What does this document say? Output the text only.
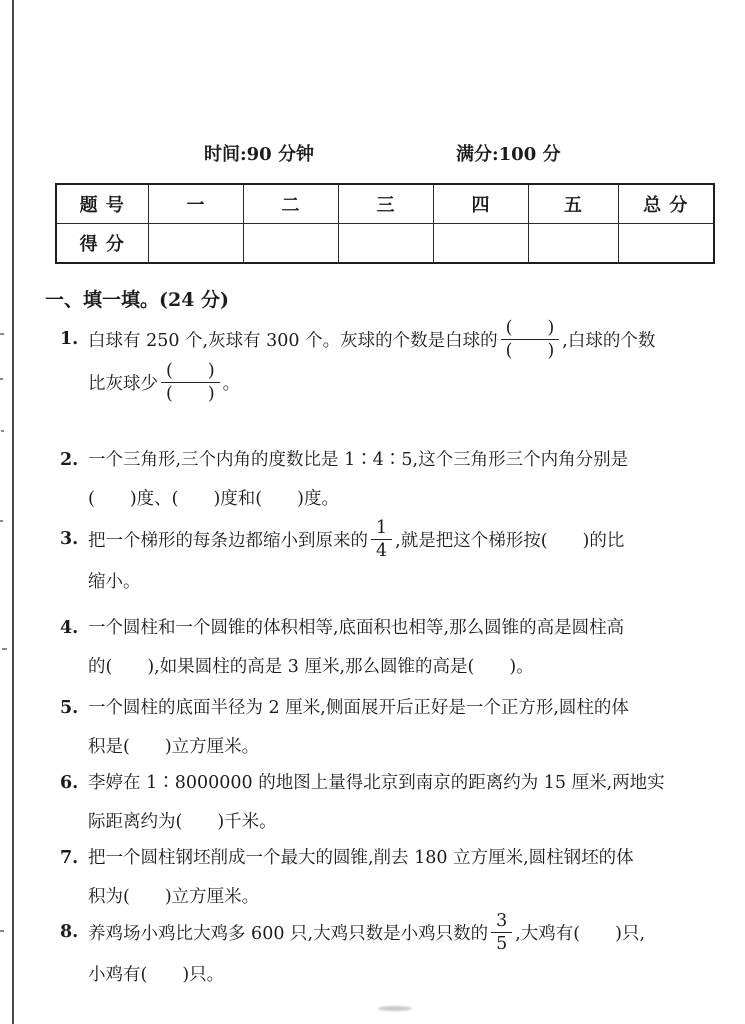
时间:90 分钟	满分:100 分
题 号	一	二	三	四	五	总 分
得 分						
一、填一填。(24 分)
1. 白球有 250 个,灰球有 300 个。灰球的个数是白球的 $\frac{( )}{( )}$ ,白球的个数
比灰球少 $\frac{( )}{( )}$ 。
2. 一个三角形,三个内角的度数比是 1∶4∶5,这个三角形三个内角分别是
(　　)度、(　　)度和(　　)度。
3. 把一个梯形的每条边都缩小到原来的 $\frac{1}{4}$ ,就是把这个梯形按(　　)的比
缩小。
4. 一个圆柱和一个圆锥的体积相等,底面积也相等,那么圆锥的高是圆柱高
的(　　),如果圆柱的高是 3 厘米,那么圆锥的高是(　　)。
5. 一个圆柱的底面半径为 2 厘米,侧面展开后正好是一个正方形,圆柱的体
积是(　　)立方厘米。
6. 李婷在 1∶8000000 的地图上量得北京到南京的距离约为 15 厘米,两地实
际距离约为(　　)千米。
7. 把一个圆柱钢坯削成一个最大的圆锥,削去 180 立方厘米,圆柱钢坯的体
积为(　　)立方厘米。
8. 养鸡场小鸡比大鸡多 600 只,大鸡只数是小鸡只数的 $\frac{3}{5}$ ,大鸡有(　　)只,
小鸡有(　　)只。
